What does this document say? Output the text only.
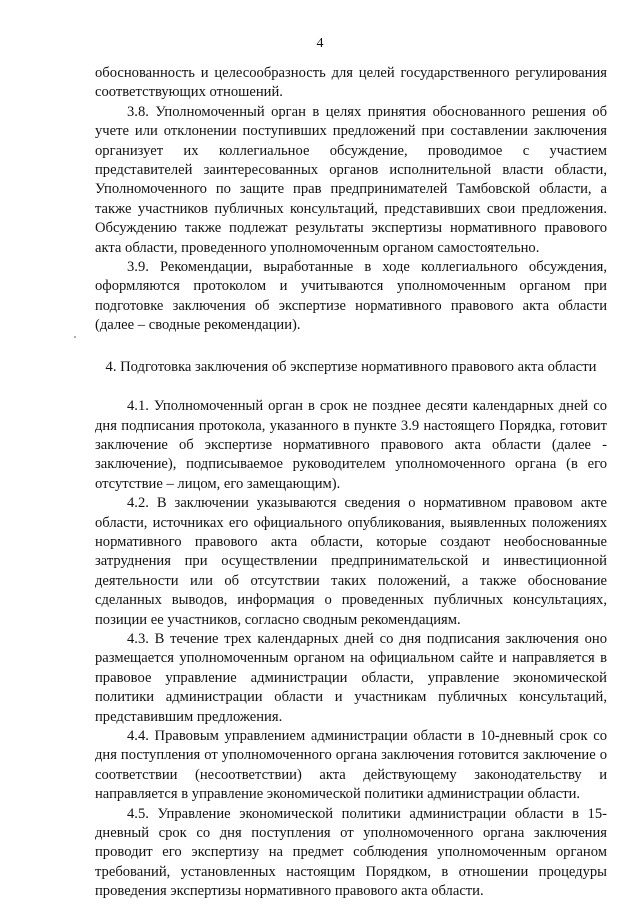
4

обоснованность и целесообразность для целей государственного регулирования соответствующих отношений.

3.8. Уполномоченный орган в целях принятия обоснованного решения об учете или отклонении поступивших предложений при составлении заключения организует их коллегиальное обсуждение, проводимое с участием представителей заинтересованных органов исполнительной власти области, Уполномоченного по защите прав предпринимателей Тамбовской области, а также участников публичных консультаций, представивших свои предложения. Обсуждению также подлежат результаты экспертизы нормативного правового акта области, проведенного уполномоченным органом самостоятельно.

3.9. Рекомендации, выработанные в ходе коллегиального обсуждения, оформляются протоколом и учитываются уполномоченным органом при подготовке заключения об экспертизе нормативного правового акта области (далее – сводные рекомендации).

4. Подготовка заключения об экспертизе нормативного правового акта области

4.1. Уполномоченный орган в срок не позднее десяти календарных дней со дня подписания протокола, указанного в пункте 3.9 настоящего Порядка, готовит заключение об экспертизе нормативного правового акта области (далее - заключение), подписываемое руководителем уполномоченного органа (в его отсутствие – лицом, его замещающим).

4.2. В заключении указываются сведения о нормативном правовом акте области, источниках его официального опубликования, выявленных положениях нормативного правового акта области, которые создают необоснованные затруднения при осуществлении предпринимательской и инвестиционной деятельности или об отсутствии таких положений, а также обоснование сделанных выводов, информация о проведенных публичных консультациях, позиции ее участников, согласно сводным рекомендациям.

4.3. В течение трех календарных дней со дня подписания заключения оно размещается уполномоченным органом на официальном сайте и направляется в правовое управление администрации области, управление экономической политики администрации области и участникам публичных консультаций, представившим предложения.

4.4. Правовым управлением администрации области в 10-дневный срок со дня поступления от уполномоченного органа заключения готовится заключение о соответствии (несоответствии) акта действующему законодательству и направляется в управление экономической политики администрации области.

4.5. Управление экономической политики администрации области в 15-дневный срок со дня поступления от уполномоченного органа заключения проводит его экспертизу на предмет соблюдения уполномоченным органом требований, установленных настоящим Порядком, в отношении процедуры проведения экспертизы нормативного правового акта области.
